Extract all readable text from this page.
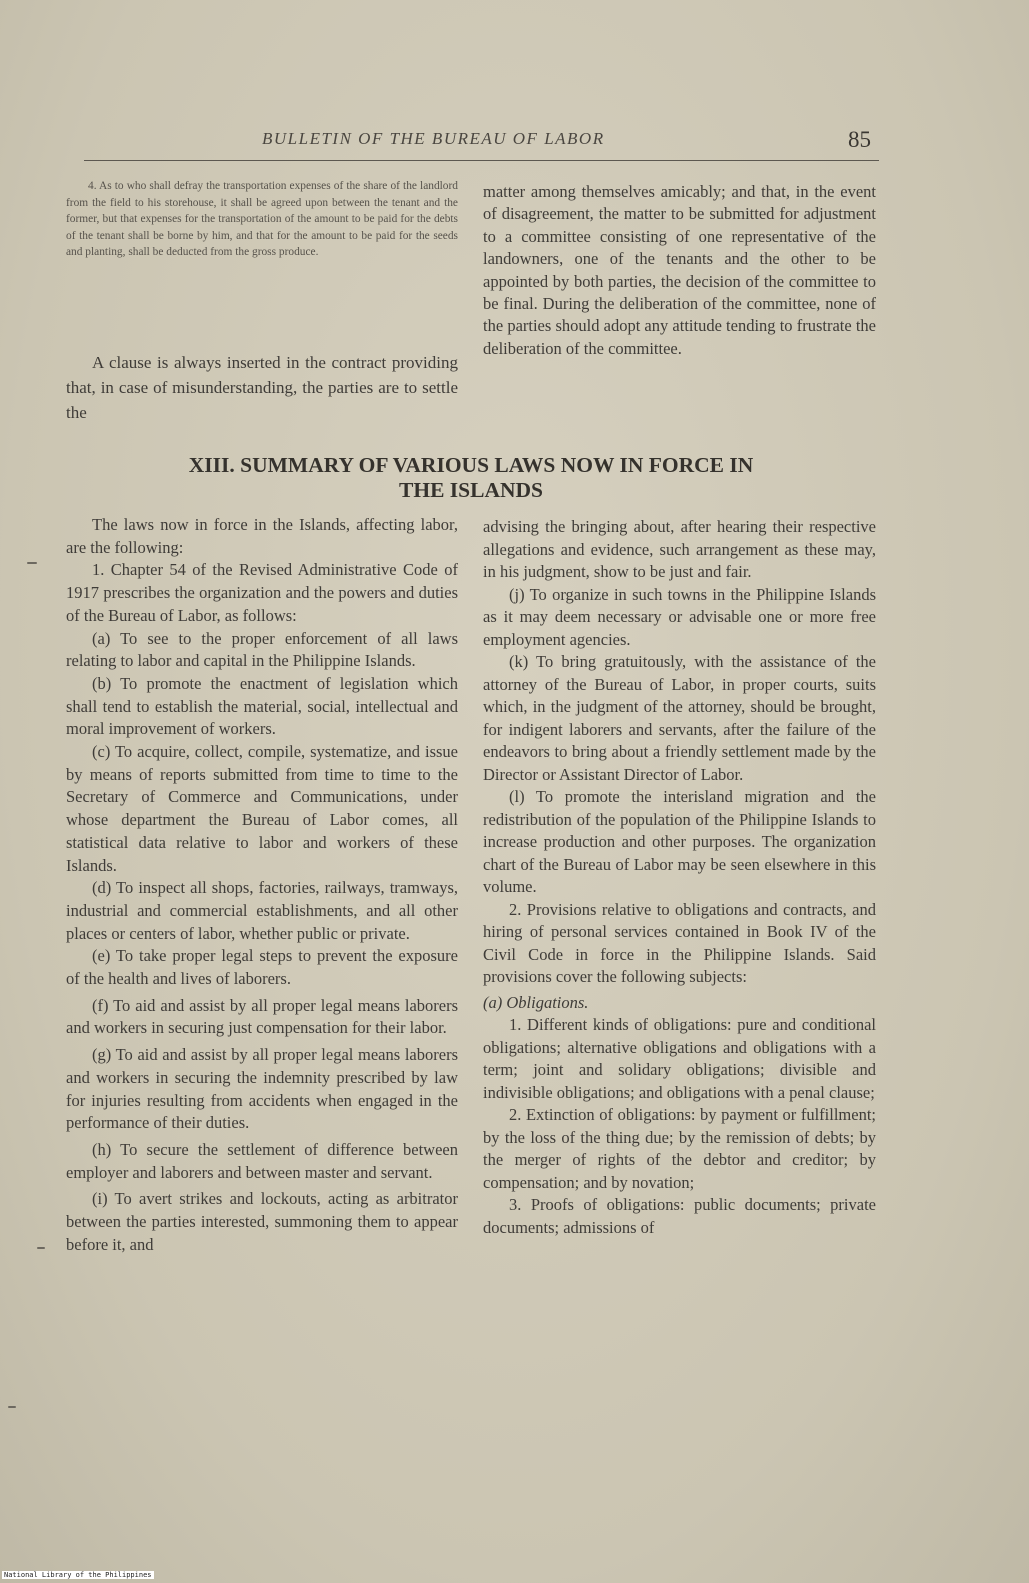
BULLETIN OF THE BUREAU OF LABOR	85

4. As to who shall defray the transportation expenses of the share of the landlord from the field to his storehouse, it shall be agreed upon between the tenant and the former, but that expenses for the transportation of the amount to be paid for the debts of the tenant shall be borne by him, and that for the amount to be paid for the seeds and planting, shall be deducted from the gross produce.

A clause is always inserted in the contract providing that, in case of misunderstanding, the parties are to settle the

matter among themselves amicably; and that, in the event of disagreement, the matter to be submitted for adjustment to a committee consisting of one representative of the landowners, one of the tenants and the other to be appointed by both parties, the decision of the committee to be final. During the deliberation of the committee, none of the parties should adopt any attitude tending to frustrate the deliberation of the committee.

XIII. SUMMARY OF VARIOUS LAWS NOW IN FORCE IN
THE ISLANDS

The laws now in force in the Islands, affecting labor, are the following:

1. Chapter 54 of the Revised Administrative Code of 1917 prescribes the organization and the powers and duties of the Bureau of Labor, as follows:

(a) To see to the proper enforcement of all laws relating to labor and capital in the Philippine Islands.

(b) To promote the enactment of legislation which shall tend to establish the material, social, intellectual and moral improvement of workers.

(c) To acquire, collect, compile, systematize, and issue by means of reports submitted from time to time to the Secretary of Commerce and Communications, under whose department the Bureau of Labor comes, all statistical data relative to labor and workers of these Islands.

(d) To inspect all shops, factories, railways, tramways, industrial and commercial establishments, and all other places or centers of labor, whether public or private.

(e) To take proper legal steps to prevent the exposure of the health and lives of laborers.

(f) To aid and assist by all proper legal means laborers and workers in securing just compensation for their labor.

(g) To aid and assist by all proper legal means laborers and workers in securing the indemnity prescribed by law for injuries resulting from accidents when engaged in the performance of their duties.

(h) To secure the settlement of difference between employer and laborers and between master and servant.

(i) To avert strikes and lockouts, acting as arbitrator between the parties interested, summoning them to appear before it, and

advising the bringing about, after hearing their respective allegations and evidence, such arrangement as these may, in his judgment, show to be just and fair.

(j) To organize in such towns in the Philippine Islands as it may deem necessary or advisable one or more free employment agencies.

(k) To bring gratuitously, with the assistance of the attorney of the Bureau of Labor, in proper courts, suits which, in the judgment of the attorney, should be brought, for indigent laborers and servants, after the failure of the endeavors to bring about a friendly settlement made by the Director or Assistant Director of Labor.

(l) To promote the interisland migration and the redistribution of the population of the Philippine Islands to increase production and other purposes. The organization chart of the Bureau of Labor may be seen elsewhere in this volume.

2. Provisions relative to obligations and contracts, and hiring of personal services contained in Book IV of the Civil Code in force in the Philippine Islands. Said provisions cover the following subjects:

(a) Obligations.

1. Different kinds of obligations: pure and conditional obligations; alternative obligations and obligations with a term; joint and solidary obligations; divisible and indivisible obligations; and obligations with a penal clause;

2. Extinction of obligations: by payment or fulfillment; by the loss of the thing due; by the remission of debts; by the merger of rights of the debtor and creditor; by compensation; and by novation;

3. Proofs of obligations: public documents; private documents; admissions of

National Library of the Philippines
